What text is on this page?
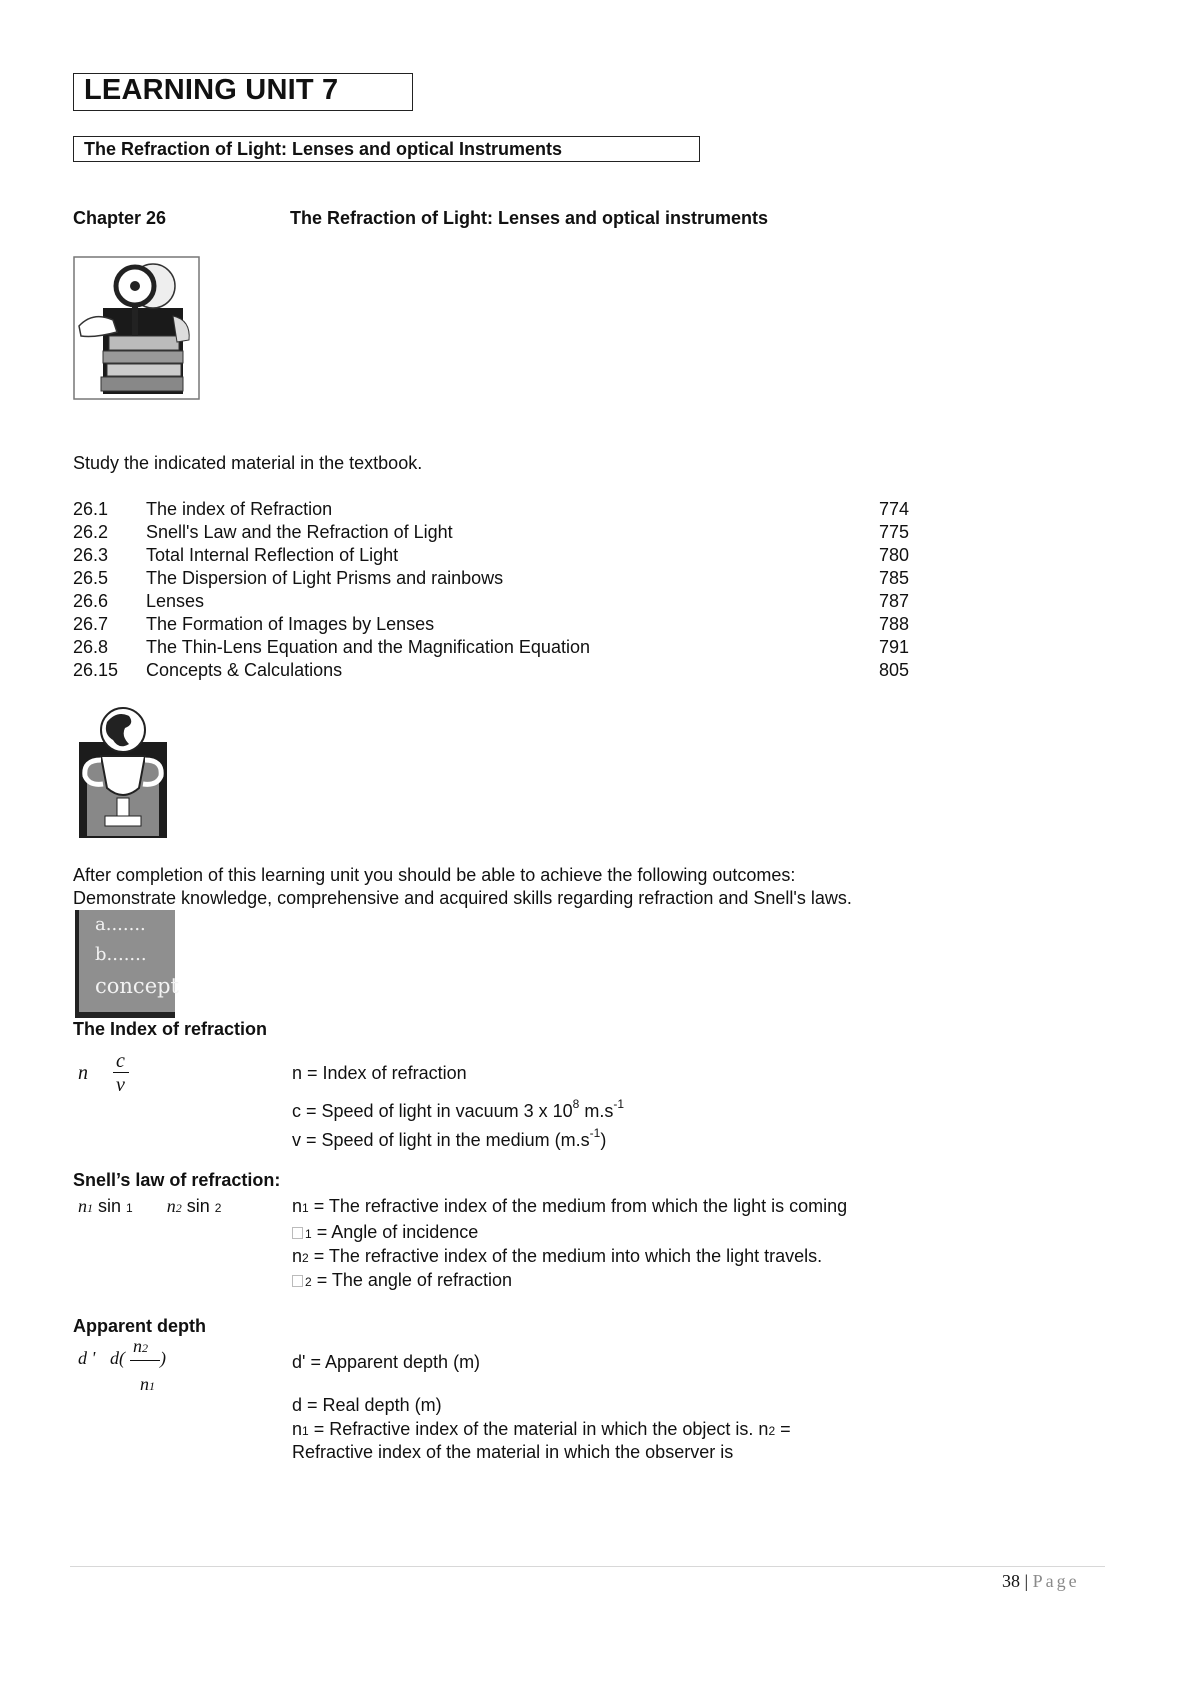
LEARNING UNIT 7
The Refraction of Light: Lenses and optical Instruments
Chapter 26	The Refraction of Light: Lenses and optical instruments
Study the indicated material in the textbook.
26.1 The index of Refraction	774
26.2 Snell's Law and the Refraction of Light	775
26.3 Total Internal Reflection of Light	780
26.5 The Dispersion of Light Prisms and rainbows	785
26.6 Lenses	787
26.7 The Formation of Images by Lenses	788
26.8 The Thin-Lens Equation and the Magnification Equation	791
26.15 Concepts & Calculations	805
After completion of this learning unit you should be able to achieve the following outcomes:
Demonstrate knowledge, comprehensive and acquired skills regarding refraction and Snell's laws.
a.......
b.......
concept
The Index of refraction
n
c
v
n = Index of refraction
c = Speed of light in vacuum 3 x $10^8$ $m.s^{-1}$
v = Speed of light in the medium $(m.s^{-1})$
Snell’s law of refraction:
n1 sin 1 n2 sin 2	n1 = The refractive index of the medium from which the light is coming
1 = Angle of incidence
n2 = The refractive index of the medium into which the light travels.
2 = The angle of refraction
Apparent depth
d ' d(
n2 )
n1
d' = Apparent depth (m)
d = Real depth (m)
n1 = Refractive index of the material in which the object is. n2 =
Refractive index of the material in which the observer is
38 | Page
